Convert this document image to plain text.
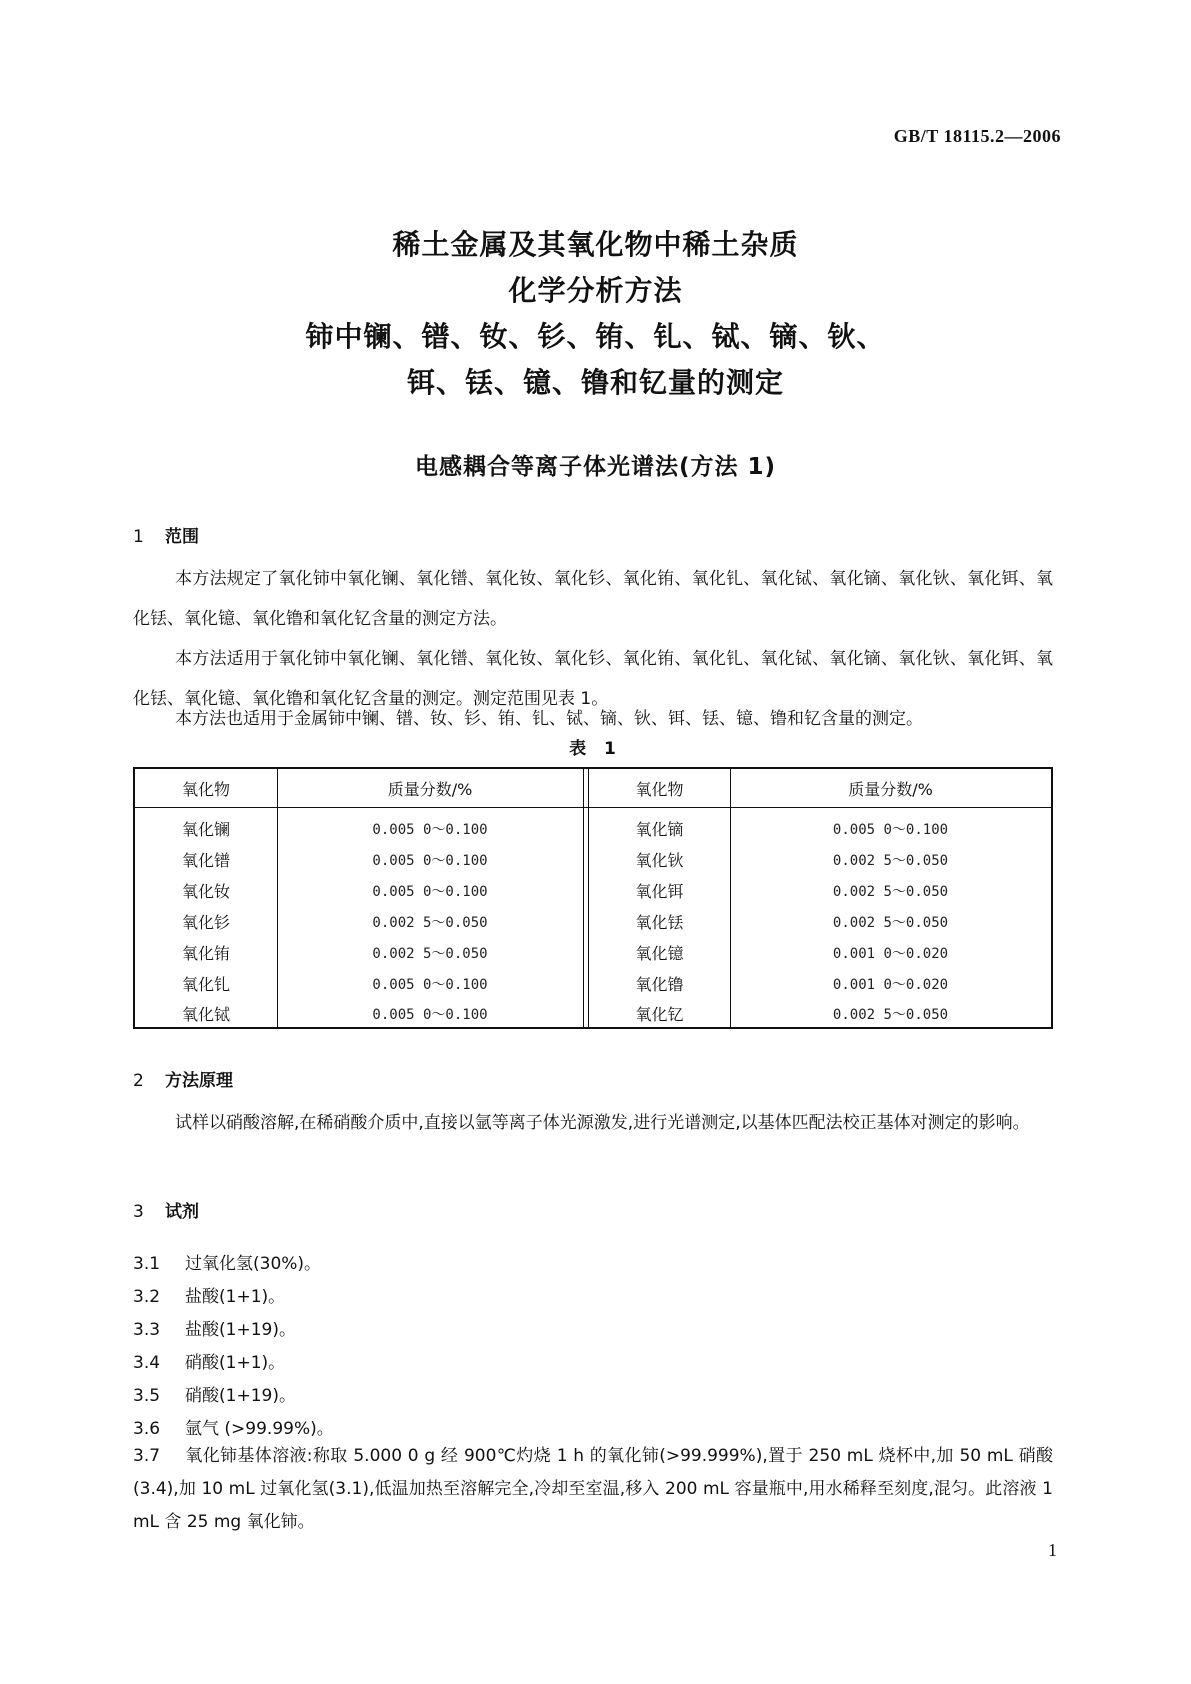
GB/T 18115.2—2006
稀土金属及其氧化物中稀土杂质
化学分析方法
铈中镧、镨、钕、钐、铕、钆、铽、镝、钬、
铒、铥、镱、镥和钇量的测定
电感耦合等离子体光谱法(方法 1)
1 范围
本方法规定了氧化铈中氧化镧、氧化镨、氧化钕、氧化钐、氧化铕、氧化钆、氧化铽、氧化镝、氧化钬、氧化铒、氧化铥、氧化镱、氧化镥和氧化钇含量的测定方法。
本方法适用于氧化铈中氧化镧、氧化镨、氧化钕、氧化钐、氧化铕、氧化钆、氧化铽、氧化镝、氧化钬、氧化铒、氧化铥、氧化镱、氧化镥和氧化钇含量的测定。测定范围见表 1。
本方法也适用于金属铈中镧、镨、钕、钐、铕、钆、铽、镝、钬、铒、铥、镱、镥和钇含量的测定。
表 1
氧化物	质量分数/%	氧化物	质量分数/%
氧化镧	0.005 0～0.100	氧化镝	0.005 0～0.100
氧化镨	0.005 0～0.100	氧化钬	0.002 5～0.050
氧化钕	0.005 0～0.100	氧化铒	0.002 5～0.050
氧化钐	0.002 5～0.050	氧化铥	0.002 5～0.050
氧化铕	0.002 5～0.050	氧化镱	0.001 0～0.020
氧化钆	0.005 0～0.100	氧化镥	0.001 0～0.020
氧化铽	0.005 0～0.100	氧化钇	0.002 5～0.050
2 方法原理
试样以硝酸溶解,在稀硝酸介质中,直接以氩等离子体光源激发,进行光谱测定,以基体匹配法校正基体对测定的影响。
3 试剂
3.1 过氧化氢(30%)。
3.2 盐酸(1+1)。
3.3 盐酸(1+19)。
3.4 硝酸(1+1)。
3.5 硝酸(1+19)。
3.6 氩气 (>99.99%)。
3.7 氧化铈基体溶液:称取 5.000 0 g 经 900℃灼烧 1 h 的氧化铈(>99.999%),置于 250 mL 烧杯中,加 50 mL 硝酸(3.4),加 10 mL 过氧化氢(3.1),低温加热至溶解完全,冷却至室温,移入 200 mL 容量瓶中,用水稀释至刻度,混匀。此溶液 1 mL 含 25 mg 氧化铈。
1
